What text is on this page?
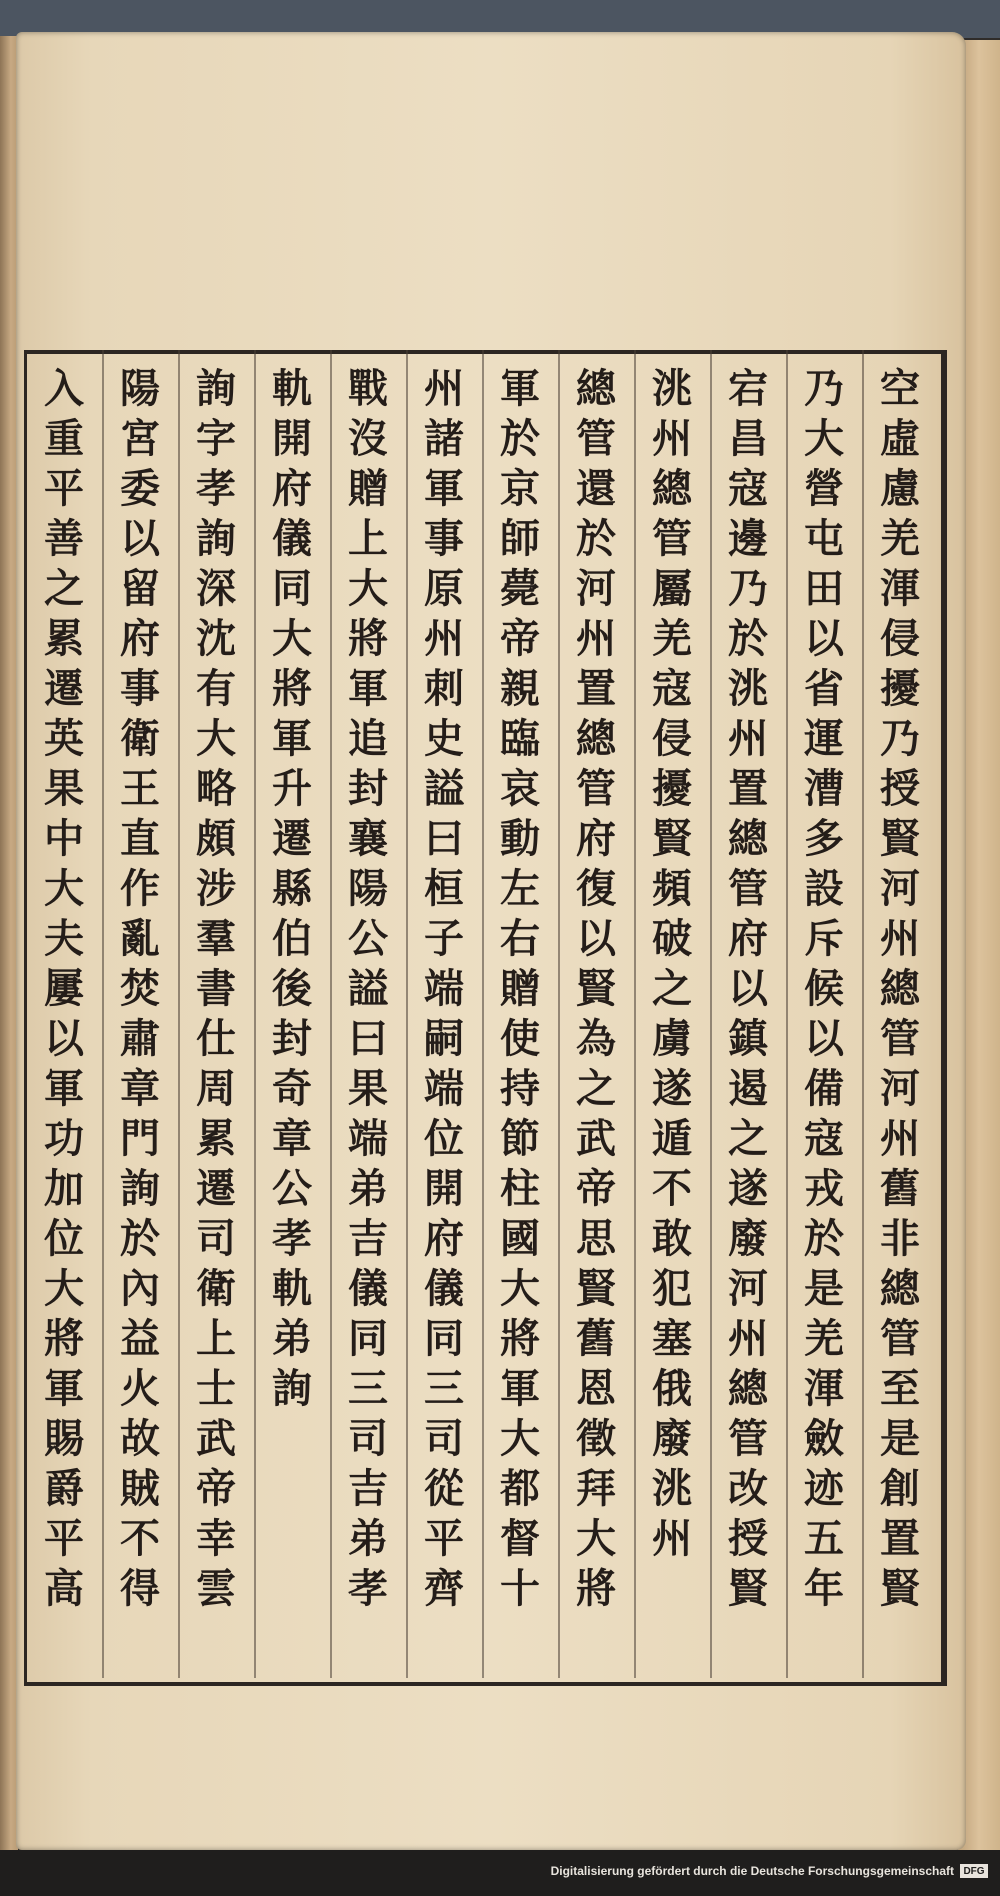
空
虛
慮
羌
渾
侵
擾
乃
授
賢
河
州
總
管
河
州
舊
非
總
管
至
是
創
置
賢
乃
大
營
屯
田
以
省
運
漕
多
設
斥
候
以
備
寇
戎
於
是
羌
渾
斂
迹
五
年
宕
昌
寇
邊
乃
於
洮
州
置
總
管
府
以
鎮
遏
之
遂
廢
河
州
總
管
改
授
賢
洮
州
總
管
屬
羌
寇
侵
擾
賢
頻
破
之
虜
遂
遁
不
敢
犯
塞
俄
廢
洮
州
總
管
還
於
河
州
置
總
管
府
復
以
賢
為
之
武
帝
思
賢
舊
恩
徵
拜
大
將
軍
於
京
師
薨
帝
親
臨
哀
動
左
右
贈
使
持
節
柱
國
大
將
軍
大
都
督
十
州
諸
軍
事
原
州
刺
史
謚
曰
桓
子
端
嗣
端
位
開
府
儀
同
三
司
從
平
齊
戰
沒
贈
上
大
將
軍
追
封
襄
陽
公
謚
曰
果
端
弟
吉
儀
同
三
司
吉
弟
孝
軌
開
府
儀
同
大
將
軍
升
遷
縣
伯
後
封
奇
章
公
孝
軌
弟
詢
詢
字
孝
詢
深
沈
有
大
略
頗
涉
羣
書
仕
周
累
遷
司
衛
上
士
武
帝
幸
雲
陽
宮
委
以
留
府
事
衛
王
直
作
亂
焚
肅
章
門
詢
於
內
益
火
故
賊
不
得
入
重
平
善
之
累
遷
英
果
中
大
夫
屢
以
軍
功
加
位
大
將
軍
賜
爵
平
高
Digitalisierung gefördert durch die Deutsche Forschungsgemeinschaft DFG
